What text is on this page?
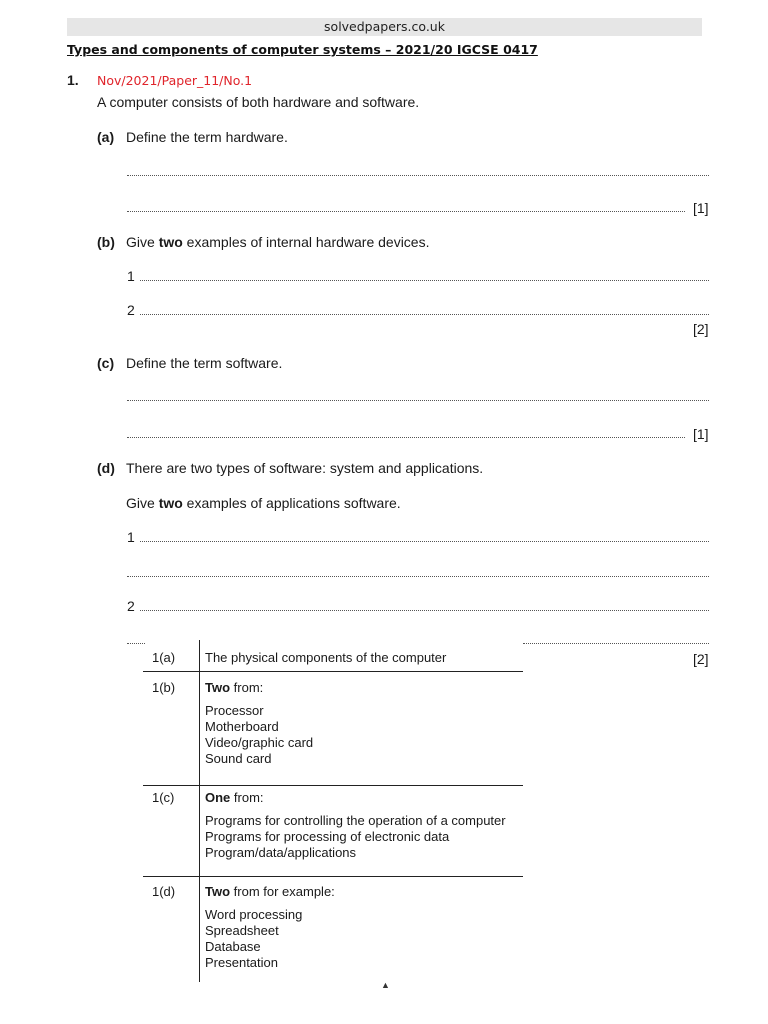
solvedpapers.co.uk
Types and components of computer systems – 2021/20 IGCSE 0417
1. Nov/2021/Paper_11/No.1
A computer consists of both hardware and software.
(a) Define the term hardware.
[1]
(b) Give two examples of internal hardware devices.
1
2
[2]
(c) Define the term software.
[1]
(d) There are two types of software: system and applications.
Give two examples of applications software.
1
2
[2]
1(a) The physical components of the computer
1(b) Two from:
Processor
Motherboard
Video/graphic card
Sound card
1(c) One from:
Programs for controlling the operation of a computer
Programs for processing of electronic data
Program/data/applications
1(d) Two from for example:
Word processing
Spreadsheet
Database
Presentation
▲
